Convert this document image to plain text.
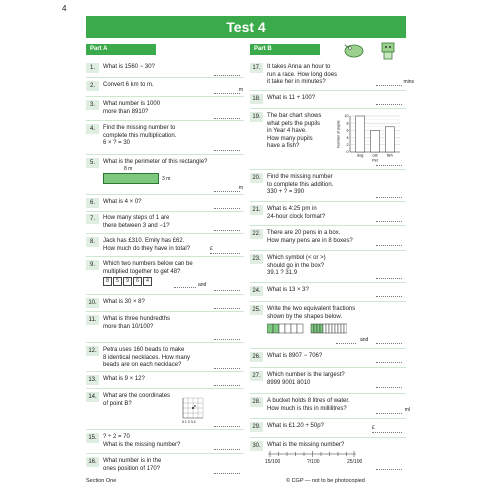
4
Test 4
Part A
1.	What is 1560 − 30?
2.	Convert 6 km to m.
m
3.	What number is 1000
more than 8910?
4.	Find the missing number to
complete this multiplication.
6 × ? = 30
5.	What is the perimeter of this rectangle?
8 m
3 m
m
6.	What is 4 × 0?
7.	How many steps of 1 are
there between 3 and −1?
8.	Jack has £310. Emily has £62.
How much do they have in total?	£
9.	Which two numbers below can be
multiplied together to get 48?
8 5 9 6 4
and
10.	What is 30 × 8?
11.	What is three hundredths
more than 10/100?
12.	Petra uses 160 beads to make
8 identical necklaces. How many
beads are on each necklace?
13.	What is 9 × 12?
14.	What are the coordinates
of point B?	B
0 1 2 3 4
15.	? ÷ 2 = 70
What is the missing number?
16.	What number is in the
ones position of 170?
Part B
17.	It takes Anna an hour to
run a race. How long does
it take her in minutes?	mins
18.	What is 11 + 100?
19.	The bar chart shows
what pets the pupils
in Year 4 have.
How many pupils
have a fish?
0
2
4
6
8
10
dog cat fish
Pet
Number of pupils
20.	Find the missing number
to complete this addition.
330 + ? = 390
21.	What is 4:25 pm in
24-hour clock format?
22.	There are 20 pens in a box.
How many pens are in 8 boxes?
23.	Which symbol (< or >)
should go in the box?
39.1 ? 31.9
24.	What is 13 × 3?
25.	Write the two equivalent fractions
shown by the shapes below.
and
26.	What is 8907 − 706?
27.	Which number is the largest?
8999 9001 8010
28.	A bucket holds 8 litres of water.
How much is this in millilitres?	ml
29.	What is £1.20 + 50p?	£
30.	What is the missing number?
15/100	?/100	25/100
Section One	© CGP — not to be photocopied
